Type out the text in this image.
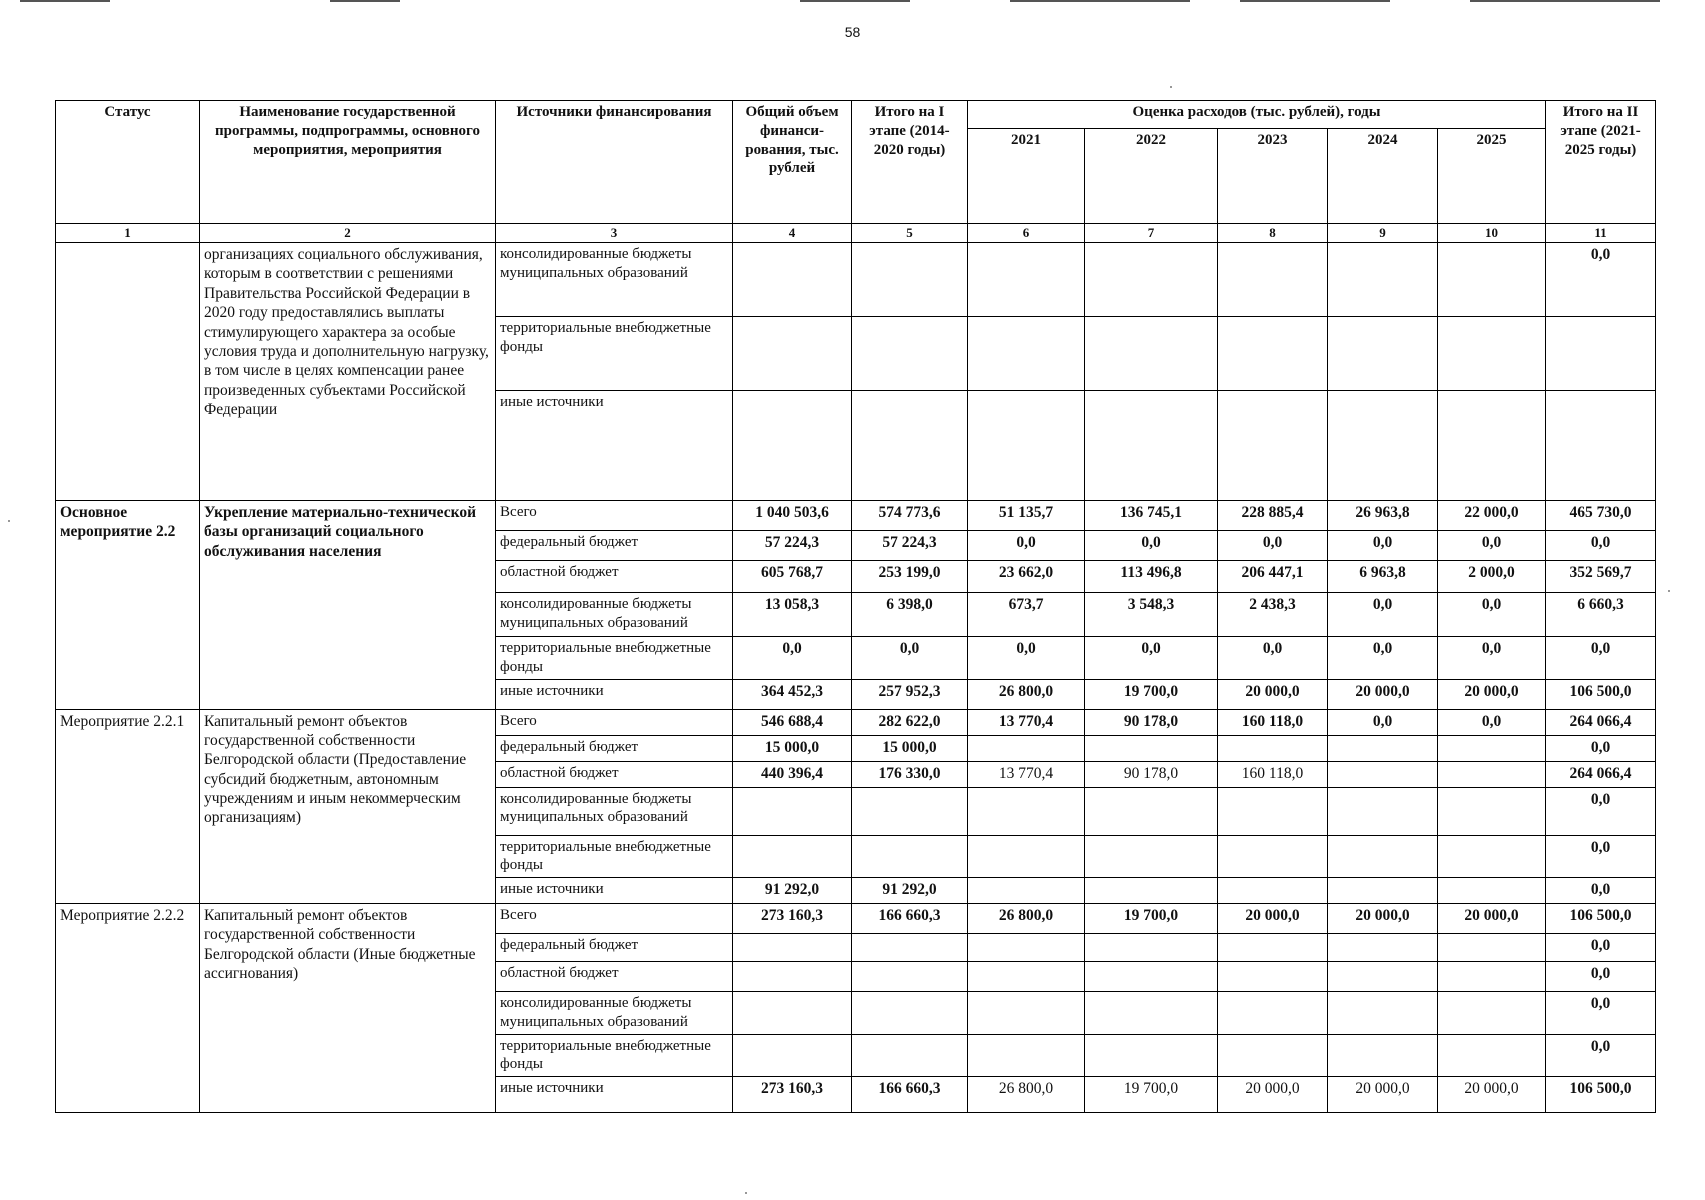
58
Статус	Наименование государственной программы, подпрограммы, основного мероприятия, мероприятия	Источники финансирования	Общий объем финанси-рования, тыс. рублей	Итого на I этапе (2014-2020 годы)	Оценка расходов (тыс. рублей), годы					Итого на II этапе (2021-2025 годы)
					2021	2022	2023	2024	2025	
1	2	3	4	5	6	7	8	9	10	11
	организациях социального обслуживания, которым в соответствии с решениями Правительства Российской Федерации в 2020 году предоставлялись выплаты стимулирующего характера за особые условия труда и дополнительную нагрузку, в том числе в целях компенсации ранее произведенных субъектами Российской Федерации	консолидированные бюджеты муниципальных образований								0,0
		территориальные внебюджетные фонды								
		иные источники								
Основное мероприятие 2.2	Укрепление материально-технической базы организаций социального обслуживания населения	Всего	1 040 503,6	574 773,6	51 135,7	136 745,1	228 885,4	26 963,8	22 000,0	465 730,0
		федеральный бюджет	57 224,3	57 224,3	0,0	0,0	0,0	0,0	0,0	0,0
		областной бюджет	605 768,7	253 199,0	23 662,0	113 496,8	206 447,1	6 963,8	2 000,0	352 569,7
		консолидированные бюджеты муниципальных образований	13 058,3	6 398,0	673,7	3 548,3	2 438,3	0,0	0,0	6 660,3
		территориальные внебюджетные фонды	0,0	0,0	0,0	0,0	0,0	0,0	0,0	0,0
		иные источники	364 452,3	257 952,3	26 800,0	19 700,0	20 000,0	20 000,0	20 000,0	106 500,0
Мероприятие 2.2.1	Капитальный ремонт объектов государственной собственности Белгородской области (Предоставление субсидий бюджетным, автономным учреждениям и иным некоммерческим организациям)	Всего	546 688,4	282 622,0	13 770,4	90 178,0	160 118,0	0,0	0,0	264 066,4
		федеральный бюджет	15 000,0	15 000,0						0,0
		областной бюджет	440 396,4	176 330,0	13 770,4	90 178,0	160 118,0			264 066,4
		консолидированные бюджеты муниципальных образований								0,0
		территориальные внебюджетные фонды								0,0
		иные источники	91 292,0	91 292,0						0,0
Мероприятие 2.2.2	Капитальный ремонт объектов государственной собственности Белгородской области (Иные бюджетные ассигнования)	Всего	273 160,3	166 660,3	26 800,0	19 700,0	20 000,0	20 000,0	20 000,0	106 500,0
		федеральный бюджет								0,0
		областной бюджет								0,0
		консолидированные бюджеты муниципальных образований								0,0
		территориальные внебюджетные фонды								0,0
		иные источники	273 160,3	166 660,3	26 800,0	19 700,0	20 000,0	20 000,0	20 000,0	106 500,0
